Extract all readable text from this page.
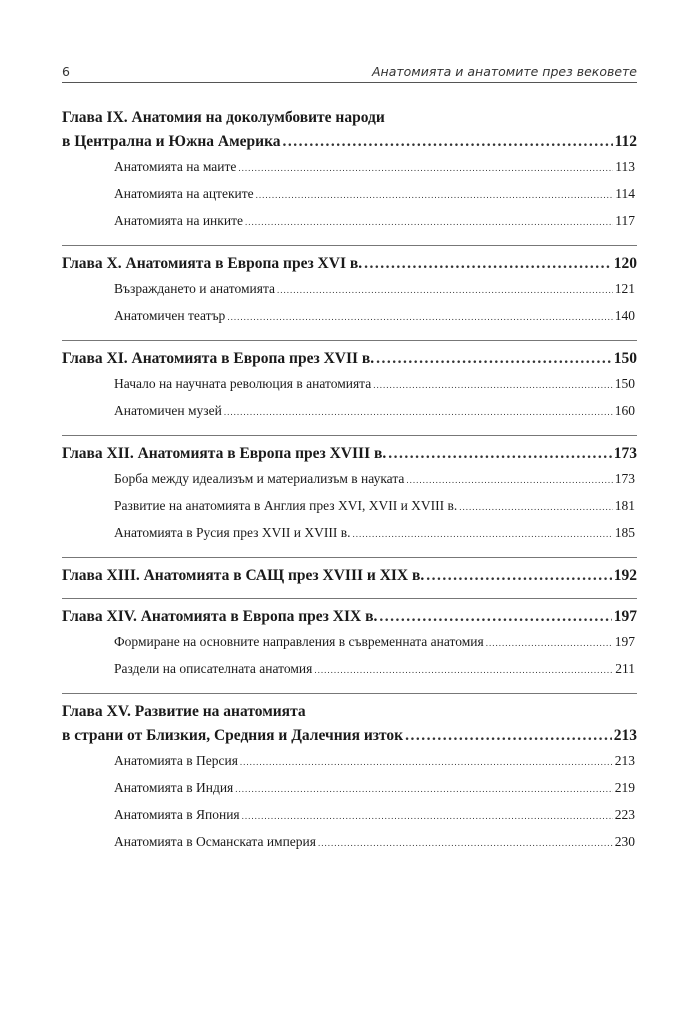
6	Анатомията и анатомите през вековете
Глава IX. Анатомия на доколумбовите народи
в Централна и Южна Америка .....	112
Анатомията на маите .....	113
Анатомията на ацтеките .....	114
Анатомията на инките .....	117
Глава X. Анатомията в Европа през XVI в. .....	120
Възраждането и анатомията .....	121
Анатомичен театър .....	140
Глава XI. Анатомията в Европа през XVII в. .....	150
Начало на научната революция в анатомията .....	150
Анатомичен музей .....	160
Глава XII. Анатомията в Европа през XVIII в. .....	173
Борба между идеализъм и материализъм в науката .....	173
Развитие на анатомията в Англия през XVI, XVII и XVIII в. .....	181
Анатомията в Русия през XVII и XVIII в. .....	185
Глава XIII. Анатомията в САЩ през XVIII и XIX в. .....	192
Глава XIV. Анатомията в Европа през XIX в. .....	197
Формиране на основните направления в съвременната анатомия .....	197
Раздели на описателната анатомия .....	211
Глава XV. Развитие на анатомията
в страни от Близкия, Средния и Далечния изток .....	213
Анатомията в Персия .....	213
Анатомията в Индия .....	219
Анатомията в Япония .....	223
Анатомията в Османската империя .....	230
